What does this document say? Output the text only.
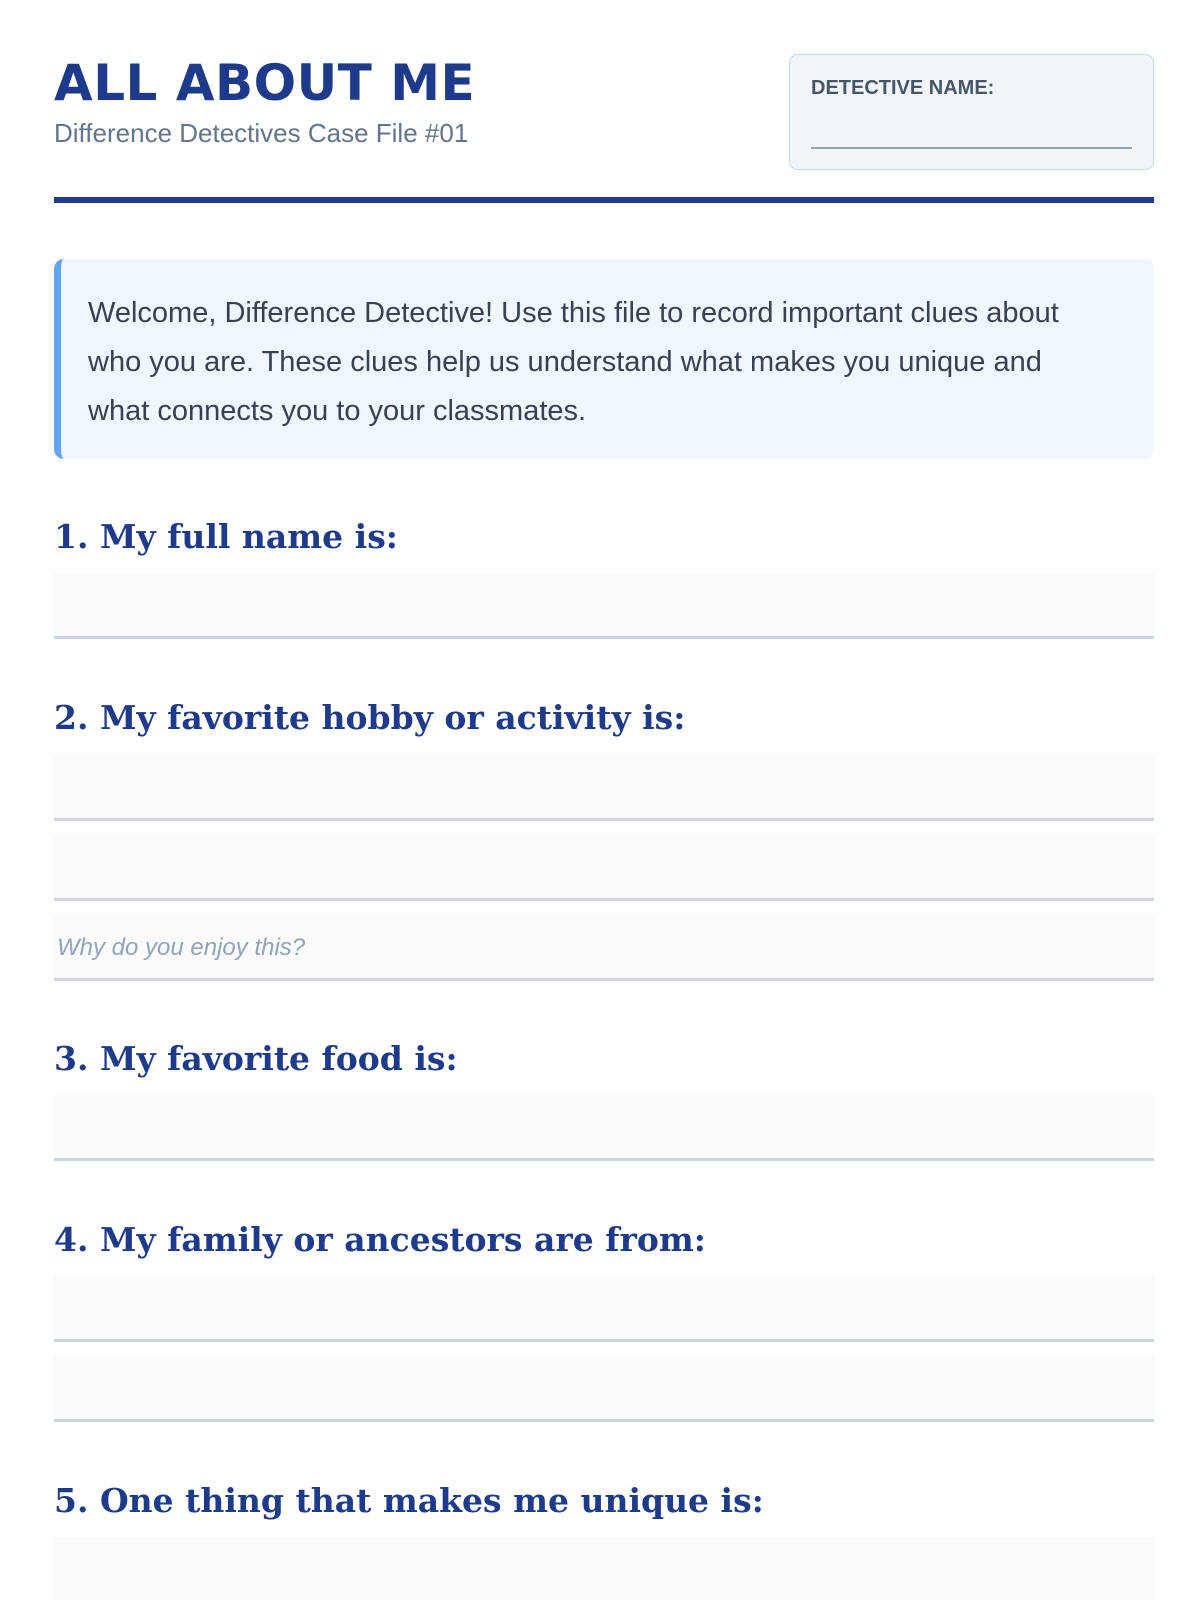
ALL ABOUT ME
Difference Detectives Case File #01
DETECTIVE NAME:
Welcome, Difference Detective! Use this file to record important clues about who you are. These clues help us understand what makes you unique and what connects you to your classmates.
1. My full name is:
2. My favorite hobby or activity is:
Why do you enjoy this?
3. My favorite food is:
4. My family or ancestors are from:
5. One thing that makes me unique is:
